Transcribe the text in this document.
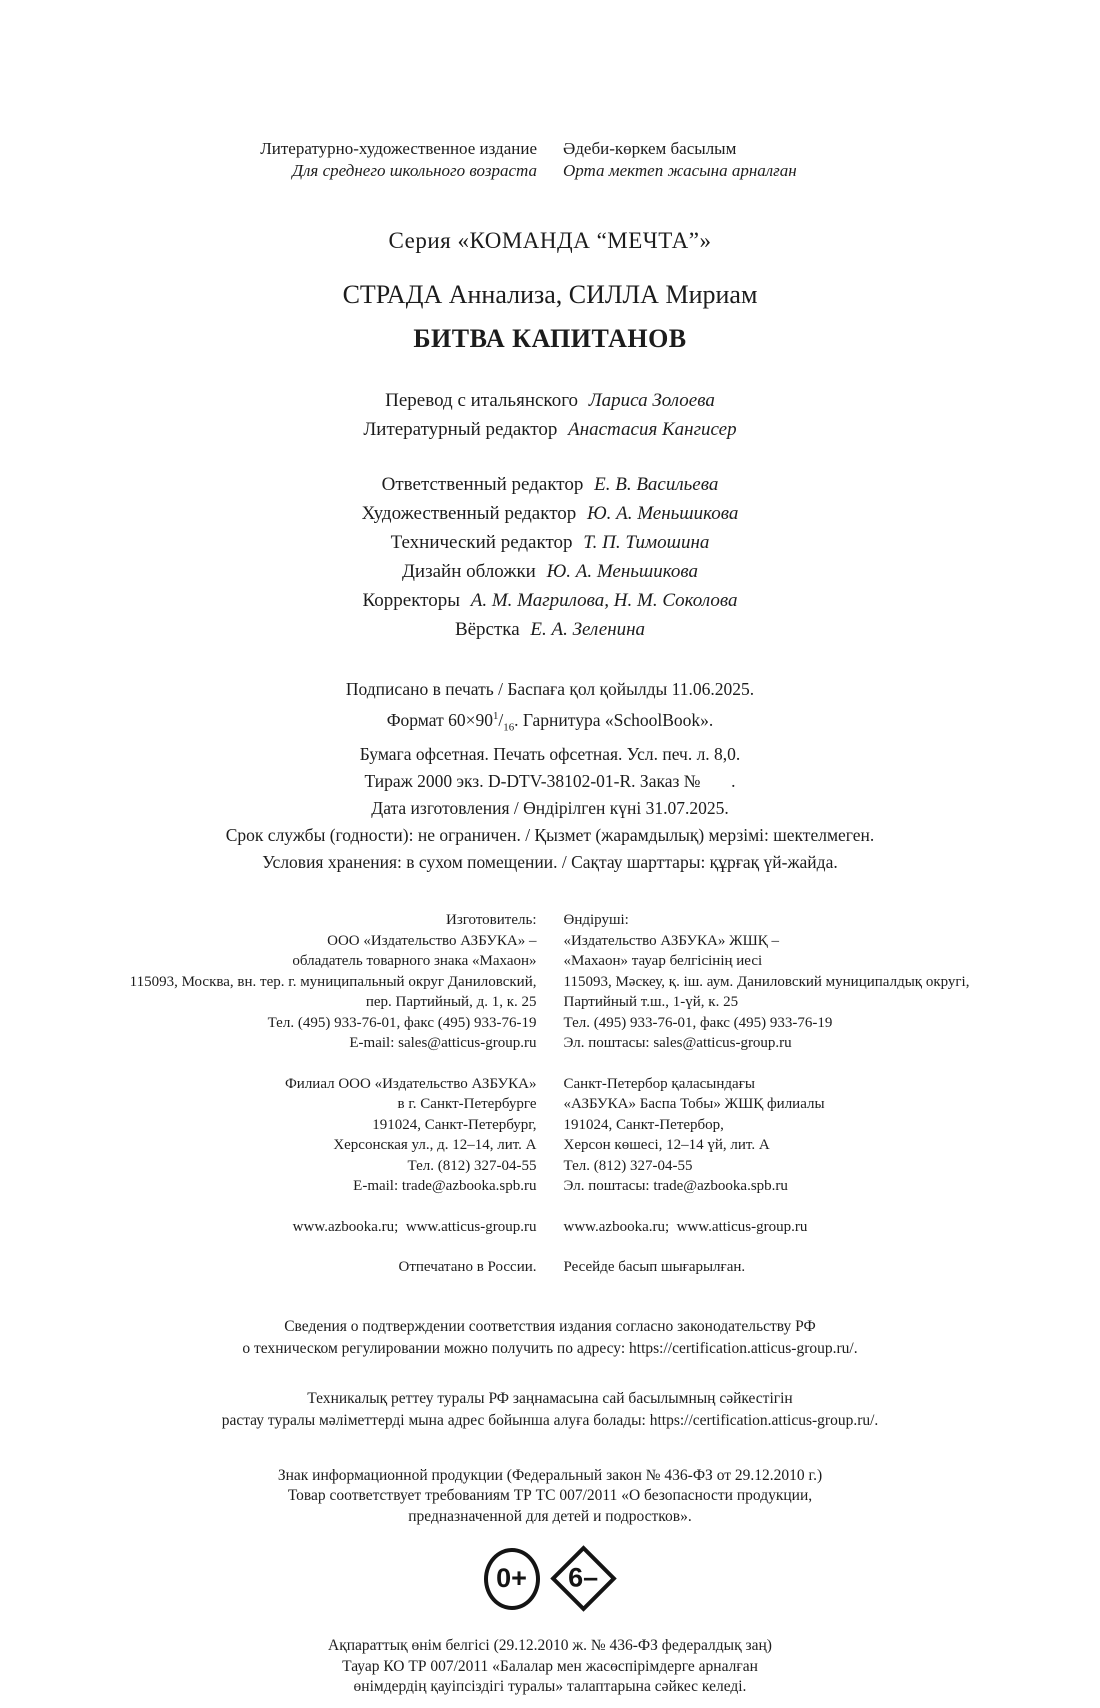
Литературно-художественное издание
Для среднего школьного возраста
Әдеби-көркем басылым
Орта мектеп жасына арналған
Серия «КОМАНДА “МЕЧТА”»
СТРАДА Аннализа, СИЛЛА Мириам
БИТВА КАПИТАНОВ
Перевод с итальянского Лариса Золоева
Литературный редактор Анастасия Кангисер
Ответственный редактор Е. В. Васильева
Художественный редактор Ю. А. Меньшикова
Технический редактор Т. П. Тимошина
Дизайн обложки Ю. А. Меньшикова
Корректоры А. М. Магрилова, Н. М. Соколова
Вёрстка Е. А. Зеленина
Подписано в печать / Баспаға қол қойылды 11.06.2025.
Формат $60\times 90^1/_{16}$. Гарнитура «SchoolBook».
Бумага офсетная. Печать офсетная. Усл. печ. л. 8,0.
Тираж 2000 экз. D-DTV-38102-01-R. Заказ №       .
Дата изготовления / Өндірілген күні 31.07.2025.
Срок службы (годности): не ограничен. / Қызмет (жарамдылық) мерзімі: шектелмеген.
Условия хранения: в сухом помещении. / Сақтау шарттары: құрғақ үй-жайда.
Изготовитель:
ООО «Издательство АЗБУКА» –
обладатель товарного знака «Махаон»
115093, Москва, вн. тер. г. муниципальный округ Даниловский,
пер. Партийный, д. 1, к. 25
Тел. (495) 933-76-01, факс (495) 933-76-19
E-mail: sales@atticus-group.ru
Филиал ООО «Издательство АЗБУКА»
в г. Санкт-Петербурге
191024, Санкт-Петербург,
Херсонская ул., д. 12–14, лит. А
Тел. (812) 327-04-55
E-mail: trade@azbooka.spb.ru
www.azbooka.ru;  www.atticus-group.ru
Отпечатано в России.
Өндіруші:
«Издательство АЗБУКА» ЖШҚ –
«Махаон» тауар белгісінің иесі
115093, Мәскеу, қ. іш. аум. Даниловский муниципалдық округі,
Партийный т.ш., 1-үй, к. 25
Тел. (495) 933-76-01, факс (495) 933-76-19
Эл. поштасы: sales@atticus-group.ru
Санкт-Петербор қаласындағы
«АЗБУКА» Баспа Тобы» ЖШҚ филиалы
191024, Санкт-Петербор,
Херсон көшесі, 12–14 үй, лит. А
Тел. (812) 327-04-55
Эл. поштасы: trade@azbooka.spb.ru
www.azbooka.ru;  www.atticus-group.ru
Ресейде басып шығарылған.
Сведения о подтверждении соответствия издания согласно законодательству РФ
о техническом регулировании можно получить по адресу: https://certification.atticus-group.ru/.
Техникалық реттеу туралы РФ заңнамасына сай басылымның сәйкестігін
растау туралы мәліметтерді мына адрес бойынша алуға болады: https://certification.atticus-group.ru/.
Знак информационной продукции (Федеральный закон № 436-ФЗ от 29.12.2010 г.)
Товар соответствует требованиям ТР ТС 007/2011 «О безопасности продукции,
предназначенной для детей и подростков».
0+ 6–
Ақпараттық өнім белгісі (29.12.2010 ж. № 436-ФЗ федералдық заң)
Тауар КО ТР 007/2011 «Балалар мен жасөспірімдерге арналған
өнімдердің қауіпсіздігі туралы» талаптарына сәйкес келеді.
